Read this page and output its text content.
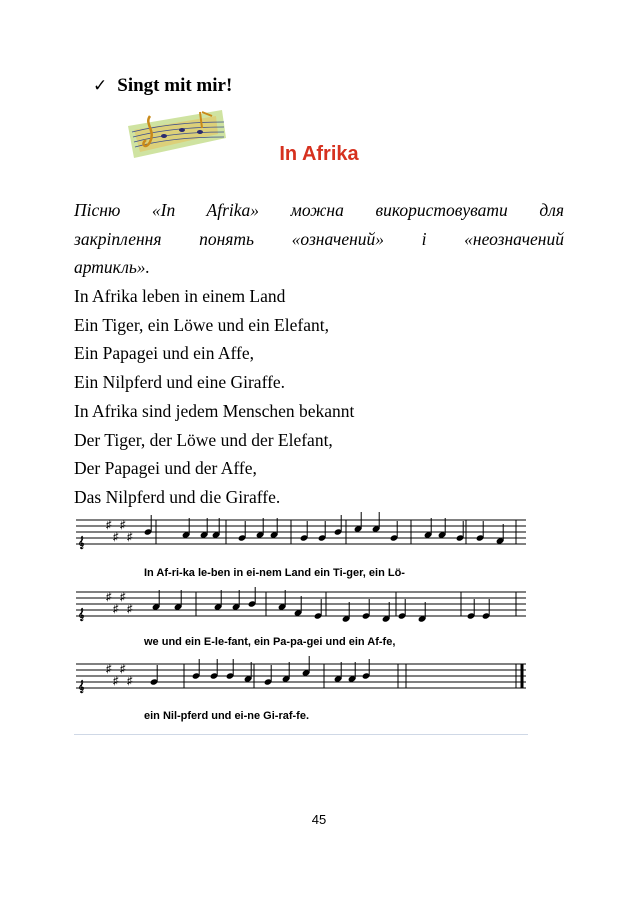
✓ Singt mit mir!
In Afrika
Пісню «In Afrika» можна використовувати для
закріплення понять «означений» і «неозначений
артикль».
In Afrika leben in einem Land
Ein Tiger, ein Löwe und ein Elefant,
Ein Papagei und ein Affe,
Ein Nilpferd und eine Giraffe.
In Afrika sind jedem Menschen bekannt
Der Tiger, der Löwe und der Elefant,
Der Papagei und der Affe,
Das Nilpferd und die Giraffe.
In Af-ri-ka le-ben in ei-nem Land ein Ti-ger, ein Lö-
we und ein E-le-fant, ein Pa-pa-gei und ein Af-fe,
ein Nil-pferd und ei-ne Gi-raf-fe.
𝄞
♯
♯
♯
♯
𝄞
♯
♯
♯
♯
𝄞
♯
♯
♯
♯
45
